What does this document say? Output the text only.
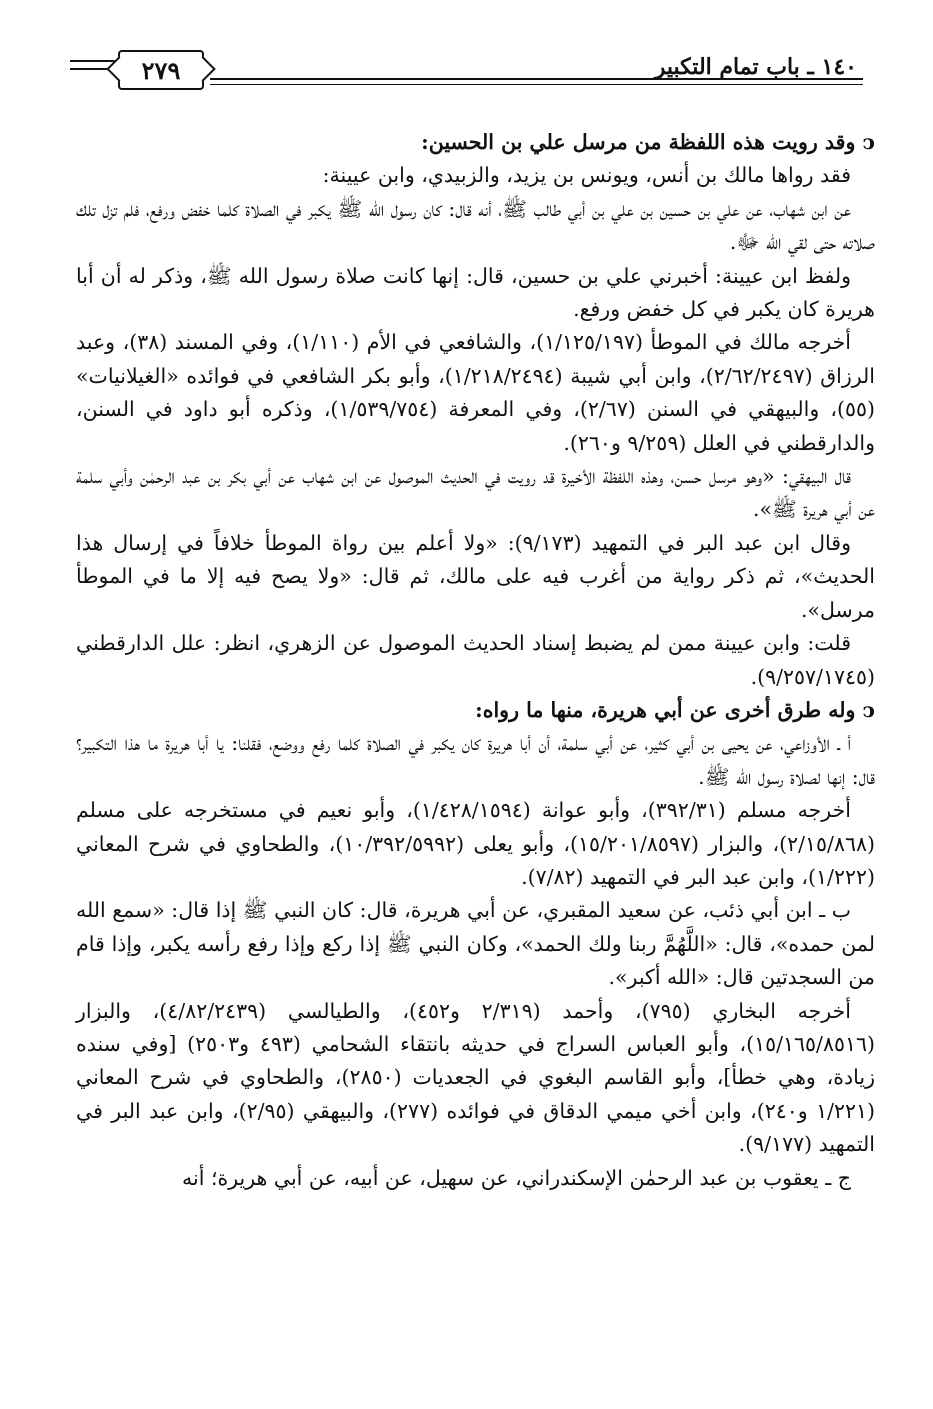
٢٧٩	١٤٠ ـ باب تمام التكبير

ͻ وقد رويت هذه اللفظة من مرسل علي بن الحسين:

فقد رواها مالك بن أنس، ويونس بن يزيد، والزبيدي، وابن عيينة:

عن ابن شهاب، عن علي بن حسين بن علي بن أبي طالب ﷺ، أنه قال: كان رسول الله ﷺ يكبر في الصلاة كلما خفض ورفع، فلم تزل تلك صلاته حتى لقي الله ﷻ.

ولفظ ابن عيينة: أخبرني علي بن حسين، قال: إنها كانت صلاة رسول الله ﷺ، وذكر له أن أبا هريرة كان يكبر في كل خفض ورفع.

أخرجه مالك في الموطأ (١/١٢٥/١٩٧)، والشافعي في الأم (١/١١٠)، وفي المسند (٣٨)، وعبد الرزاق (٢/٦٢/٢٤٩٧)، وابن أبي شيبة (١/٢١٨/٢٤٩٤)، وأبو بكر الشافعي في فوائده «الغيلانيات» (٥٥)، والبيهقي في السنن (٢/٦٧)، وفي المعرفة (١/٥٣٩/٧٥٤)، وذكره أبو داود في السنن، والدارقطني في العلل (٩/٢٥٩ و٢٦٠).

قال البيهقي: «وهو مرسل حسن، وهذه اللفظة الأخيرة قد رويت في الحديث الموصول عن ابن شهاب عن أبي بكر بن عبد الرحمٰن وأبي سلمة عن أبي هريرة ﷺ».

وقال ابن عبد البر في التمهيد (٩/١٧٣): «ولا أعلم بين رواة الموطأ خلافاً في إرسال هذا الحديث»، ثم ذكر رواية من أغرب فيه على مالك، ثم قال: «ولا يصح فيه إلا ما في الموطأ مرسل».

قلت: وابن عيينة ممن لم يضبط إسناد الحديث الموصول عن الزهري، انظر: علل الدارقطني (٩/٢٥٧/١٧٤٥).

ͻ وله طرق أخرى عن أبي هريرة، منها ما رواه:

أ ـ الأوزاعي، عن يحيى بن أبي كثير، عن أبي سلمة، أن أبا هريرة كان يكبر في الصلاة كلما رفع ووضع، فقلنا: يا أبا هريرة ما هذا التكبير؟ قال: إنها لصلاة رسول الله ﷺ.

أخرجه مسلم (٣٩٢/٣١)، وأبو عوانة (١/٤٢٨/١٥٩٤)، وأبو نعيم في مستخرجه على مسلم (٢/١٥/٨٦٨)، والبزار (١٥/٢٠١/٨٥٩٧)، وأبو يعلى (١٠/٣٩٢/٥٩٩٢)، والطحاوي في شرح المعاني (١/٢٢٢)، وابن عبد البر في التمهيد (٧/٨٢).

ب ـ ابن أبي ذئب، عن سعيد المقبري، عن أبي هريرة، قال: كان النبي ﷺ إذا قال: «سمع الله لمن حمده»، قال: «اللَّهُمَّ ربنا ولك الحمد»، وكان النبي ﷺ إذا ركع وإذا رفع رأسه يكبر، وإذا قام من السجدتين قال: «الله أكبر».

أخرجه البخاري (٧٩٥)، وأحمد (٢/٣١٩ و٤٥٢)، والطيالسي (٤/٨٢/٢٤٣٩)، والبزار (١٥/١٦٥/٨٥١٦)، وأبو العباس السراج في حديثه بانتقاء الشحامي (٤٩٣ و٢٥٠٣) [وفي سنده زيادة، وهي خطأ]، وأبو القاسم البغوي في الجعديات (٢٨٥٠)، والطحاوي في شرح المعاني (١/٢٢١ و٢٤٠)، وابن أخي ميمي الدقاق في فوائده (٢٧٧)، والبيهقي (٢/٩٥)، وابن عبد البر في التمهيد (٩/١٧٧).

ج ـ يعقوب بن عبد الرحمٰن الإسكندراني، عن سهيل، عن أبيه، عن أبي هريرة؛ أنه
